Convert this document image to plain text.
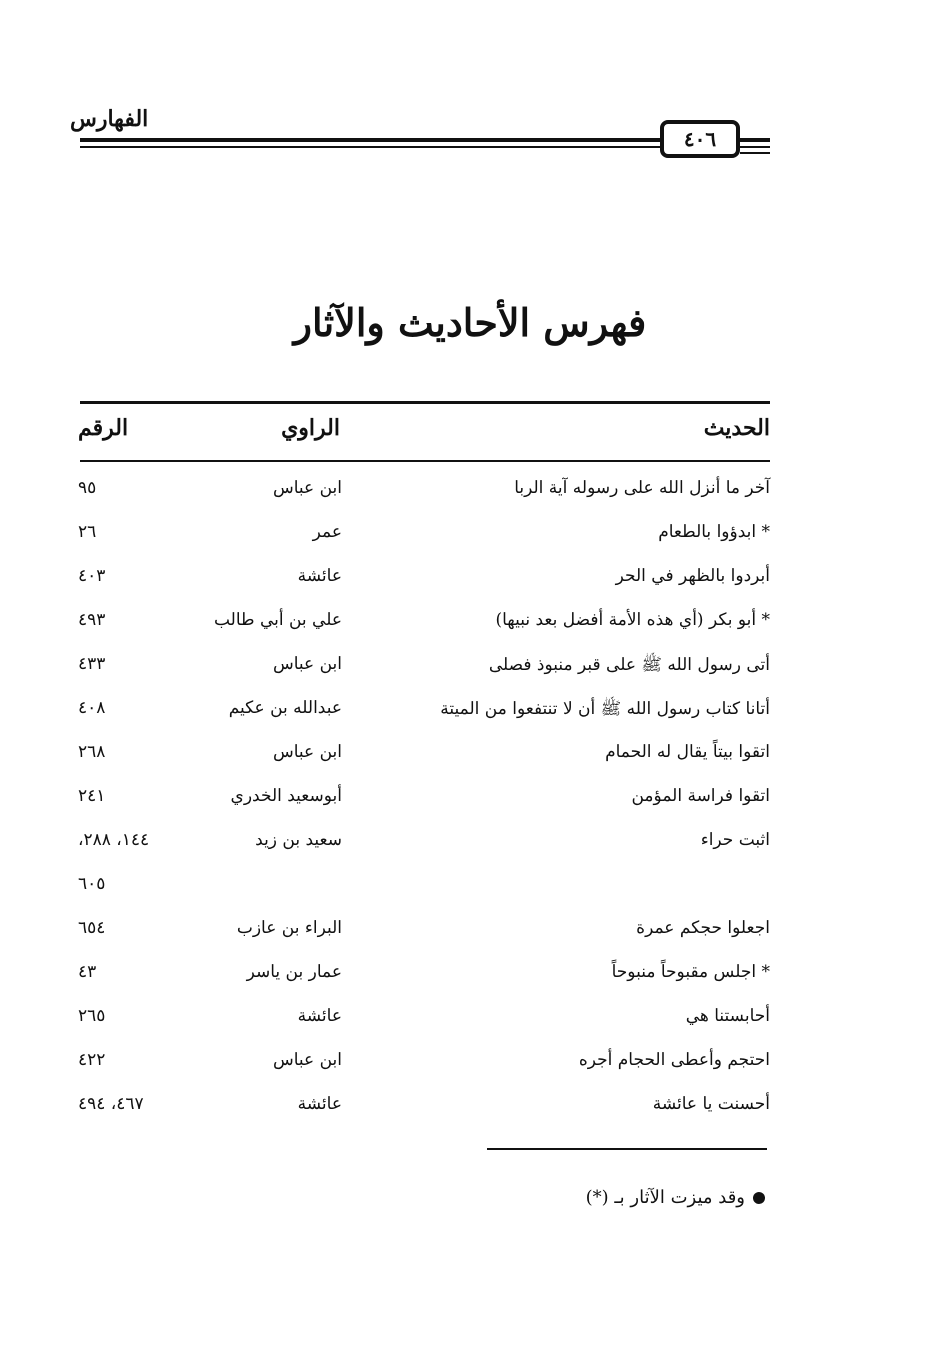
الفهارس
٤٠٦
فهرس الأحاديث والآثار
الحديث
الراوي
الرقم
آخر ما أنزل الله على رسوله آية الربا
ابن عباس
٩٥
* ابدؤوا بالطعام
عمر
٢٦
أبردوا بالظهر في الحر
عائشة
٤٠٣
* أبو بكر (أي هذه الأمة أفضل بعد نبيها)
علي بن أبي طالب
٤٩٣
أتى رسول الله ﷺ على قبر منبوذ فصلى
ابن عباس
٤٣٣
أتانا كتاب رسول الله ﷺ أن لا تنتفعوا من الميتة
عبدالله بن عكيم
٤٠٨
اتقوا بيتاً يقال له الحمام
ابن عباس
٢٦٨
اتقوا فراسة المؤمن
أبوسعيد الخدري
٢٤١
اثبت حراء
سعيد بن زيد
١٤٤، ٢٨٨،
٦٠٥
اجعلوا حجكم عمرة
البراء بن عازب
٦٥٤
* اجلس مقبوحاً منبوحاً
عمار بن ياسر
٤٣
أحابستنا هي
عائشة
٢٦٥
احتجم وأعطى الحجام أجره
ابن عباس
٤٢٢
أحسنت يا عائشة
عائشة
٤٦٧، ٤٩٤
وقد ميزت الآثار بـ (*)
